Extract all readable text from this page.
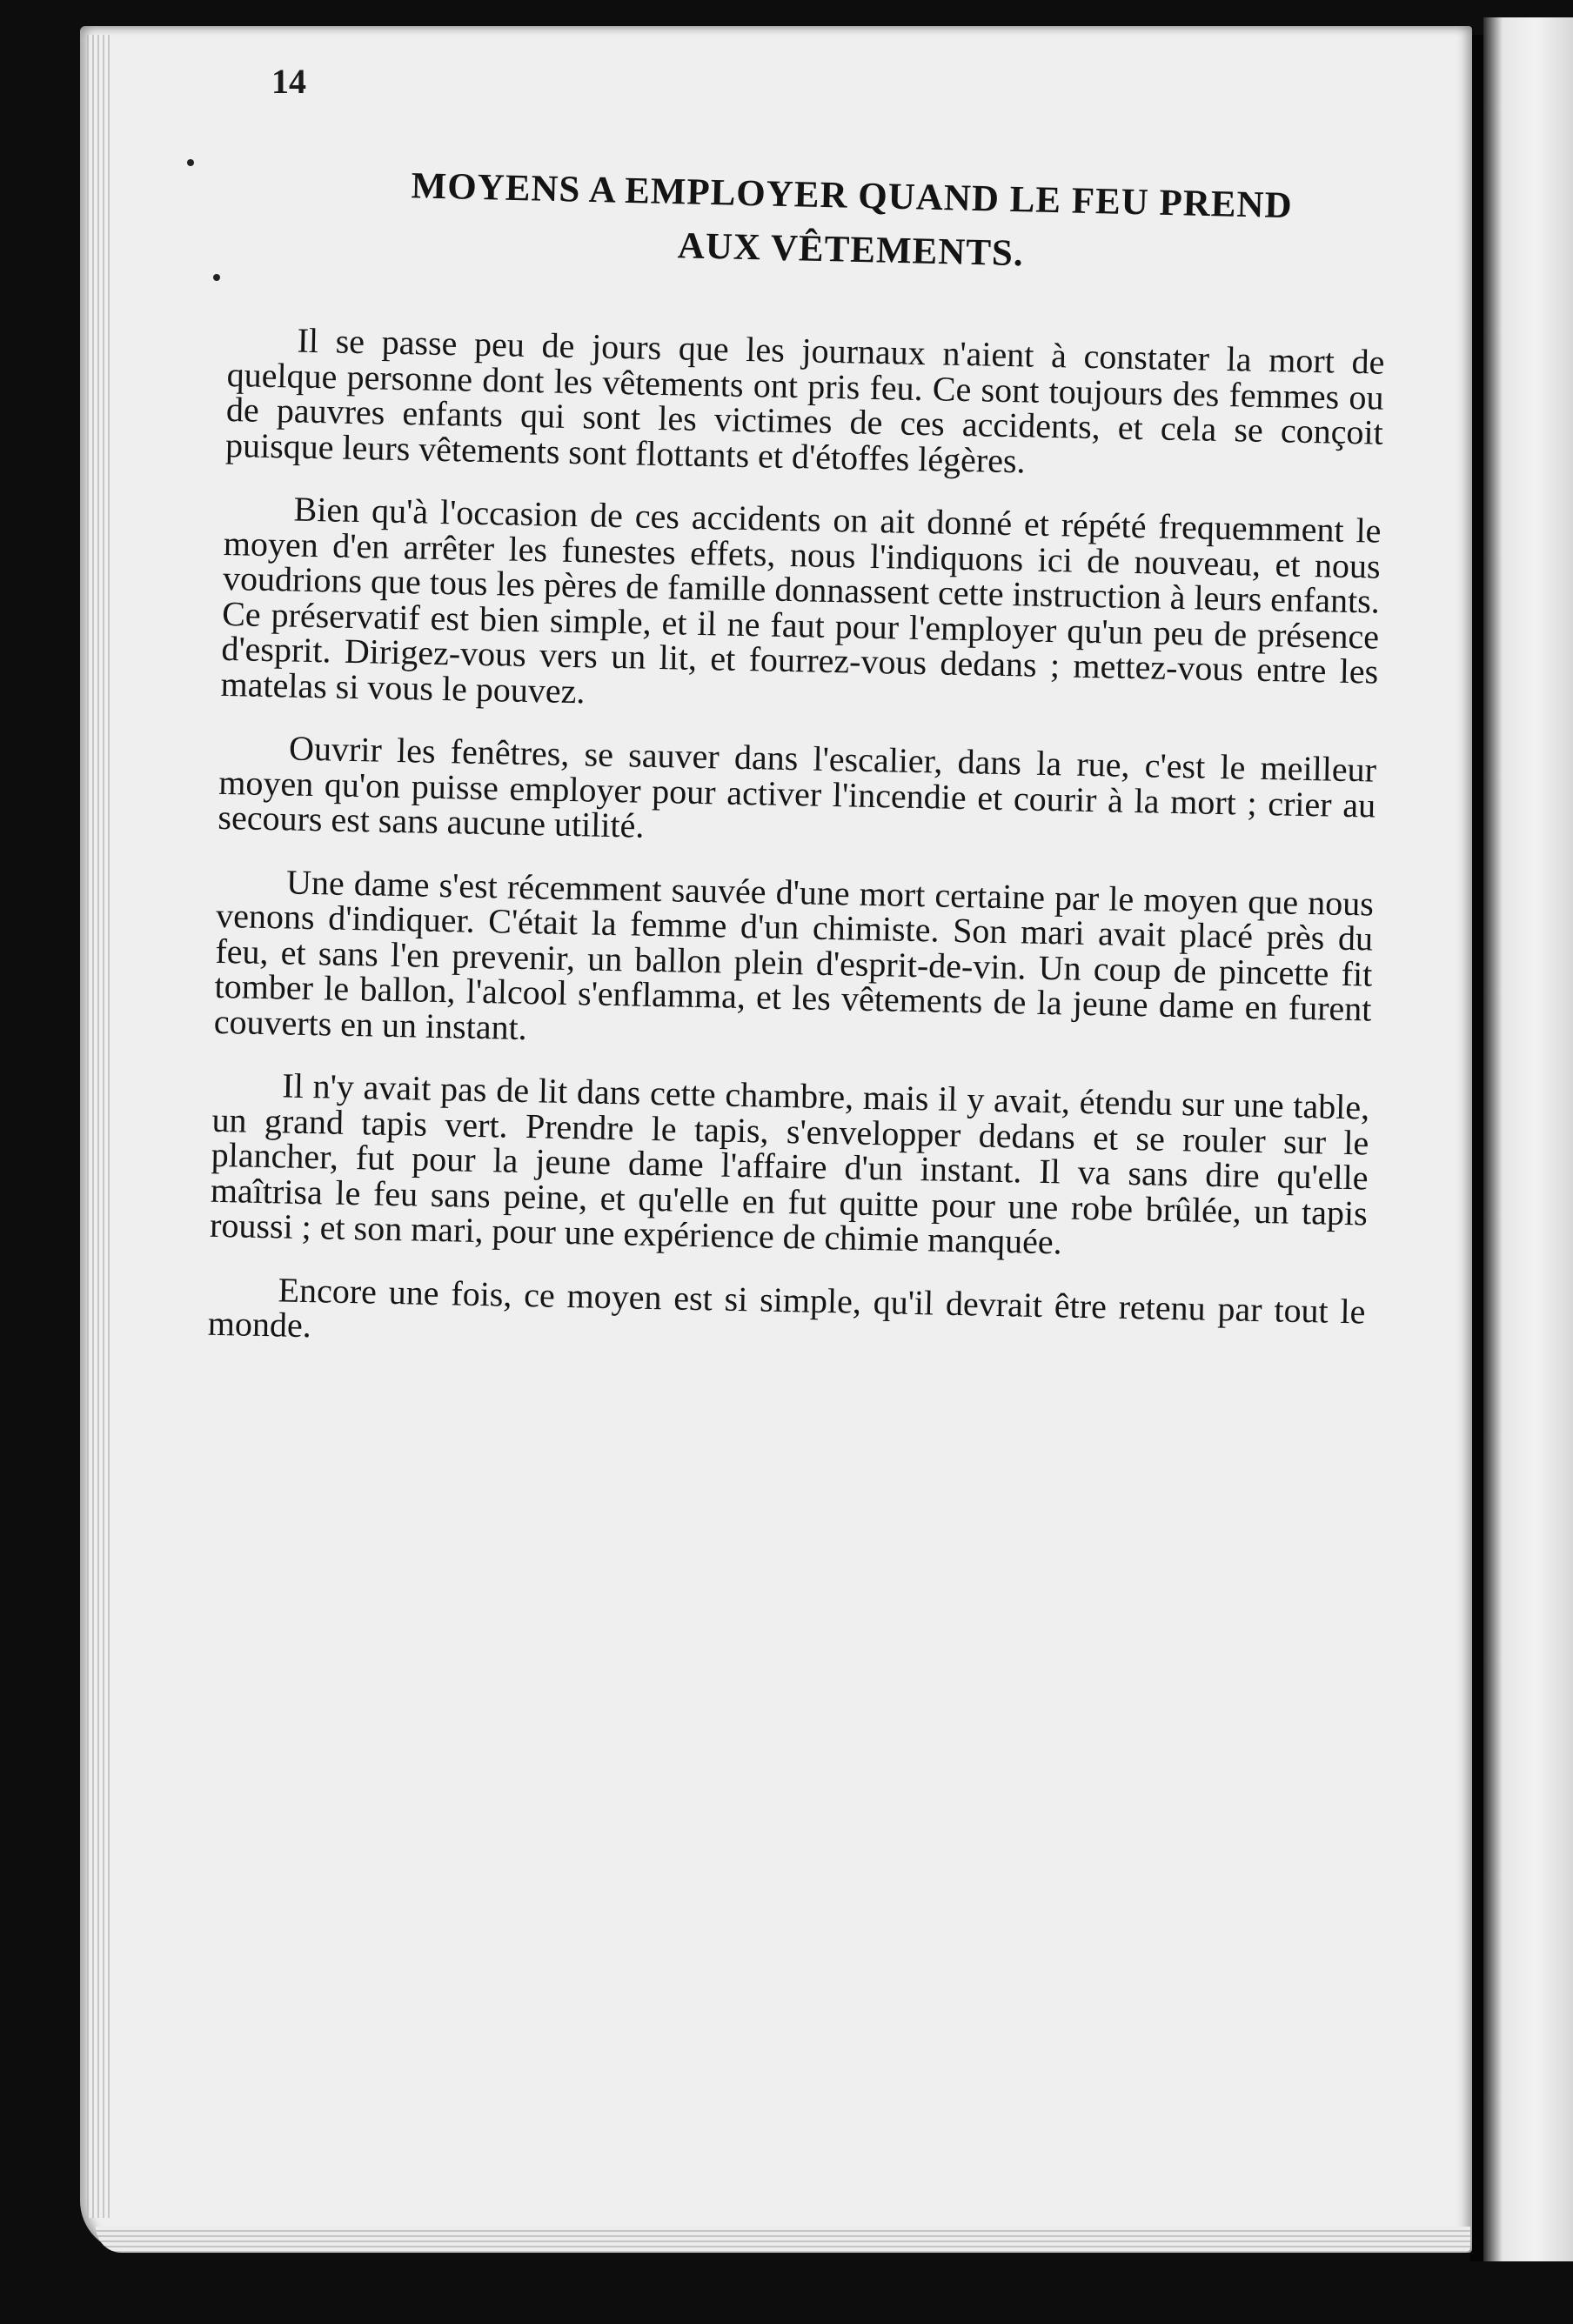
14
MOYENS A EMPLOYER QUAND LE FEU PREND
AUX VÊTEMENTS.

Il se passe peu de jours que les journaux n'aient à constater la mort de quelque personne dont les vêtements ont pris feu. Ce sont toujours des femmes ou de pauvres enfants qui sont les victimes de ces accidents, et cela se conçoit puisque leurs vêtements sont flottants et d'étoffes légères.

Bien qu'à l'occasion de ces accidents on ait donné et répété frequemment le moyen d'en arrêter les funestes effets, nous l'indiquons ici de nouveau, et nous voudrions que tous les pères de famille donnassent cette instruction à leurs enfants. Ce préservatif est bien simple, et il ne faut pour l'employer qu'un peu de présence d'esprit. Dirigez-vous vers un lit, et fourrez-vous dedans ; mettez-vous entre les matelas si vous le pouvez.

Ouvrir les fenêtres, se sauver dans l'escalier, dans la rue, c'est le meilleur moyen qu'on puisse employer pour activer l'incendie et courir à la mort ; crier au secours est sans aucune utilité.

Une dame s'est récemment sauvée d'une mort certaine par le moyen que nous venons d'indiquer. C'était la femme d'un chimiste. Son mari avait placé près du feu, et sans l'en prevenir, un ballon plein d'esprit-de-vin. Un coup de pincette fit tomber le ballon, l'alcool s'enflamma, et les vêtements de la jeune dame en furent couverts en un instant.

Il n'y avait pas de lit dans cette chambre, mais il y avait, étendu sur une table, un grand tapis vert. Prendre le tapis, s'envelopper dedans et se rouler sur le plancher, fut pour la jeune dame l'affaire d'un instant. Il va sans dire qu'elle maîtrisa le feu sans peine, et qu'elle en fut quitte pour une robe brûlée, un tapis roussi ; et son mari, pour une expérience de chimie manquée.

Encore une fois, ce moyen est si simple, qu'il devrait être retenu par tout le monde.
